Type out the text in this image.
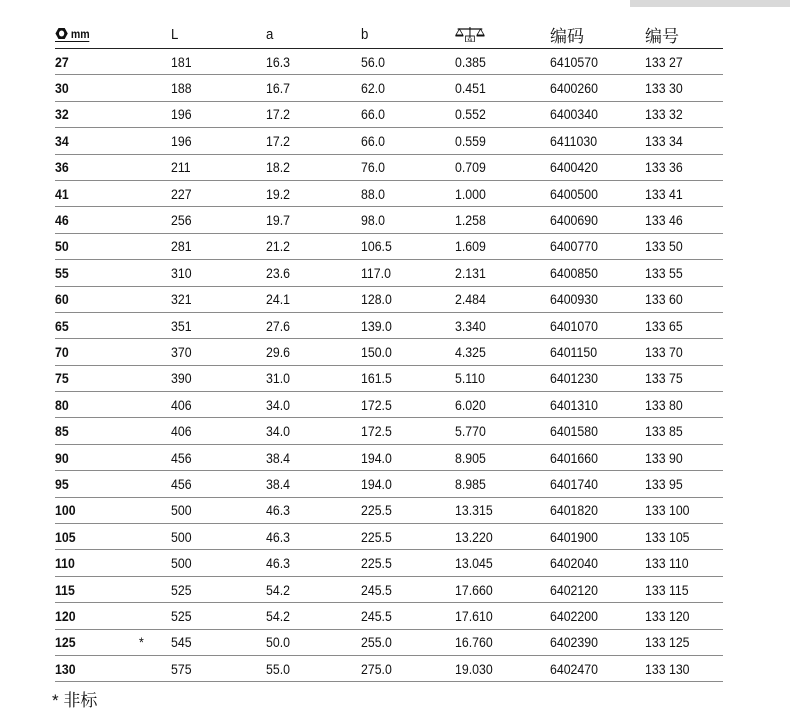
mm	L	a	b	kg	编码	编号
27	181	16.3	56.0	0.385	6410570	133 27
30	188	16.7	62.0	0.451	6400260	133 30
32	196	17.2	66.0	0.552	6400340	133 32
34	196	17.2	66.0	0.559	6411030	133 34
36	211	18.2	76.0	0.709	6400420	133 36
41	227	19.2	88.0	1.000	6400500	133 41
46	256	19.7	98.0	1.258	6400690	133 46
50	281	21.2	106.5	1.609	6400770	133 50
55	310	23.6	117.0	2.131	6400850	133 55
60	321	24.1	128.0	2.484	6400930	133 60
65	351	27.6	139.0	3.340	6401070	133 65
70	370	29.6	150.0	4.325	6401150	133 70
75	390	31.0	161.5	5.110	6401230	133 75
80	406	34.0	172.5	6.020	6401310	133 80
85	406	34.0	172.5	5.770	6401580	133 85
90	456	38.4	194.0	8.905	6401660	133 90
95	456	38.4	194.0	8.985	6401740	133 95
100	500	46.3	225.5	13.315	6401820	133 100
105	500	46.3	225.5	13.220	6401900	133 105
110	500	46.3	225.5	13.045	6402040	133 110
115	525	54.2	245.5	17.660	6402120	133 115
120	525	54.2	245.5	17.610	6402200	133 120
125	* 545	50.0	255.0	16.760	6402390	133 125
130	575	55.0	275.0	19.030	6402470	133 130
* 非标
